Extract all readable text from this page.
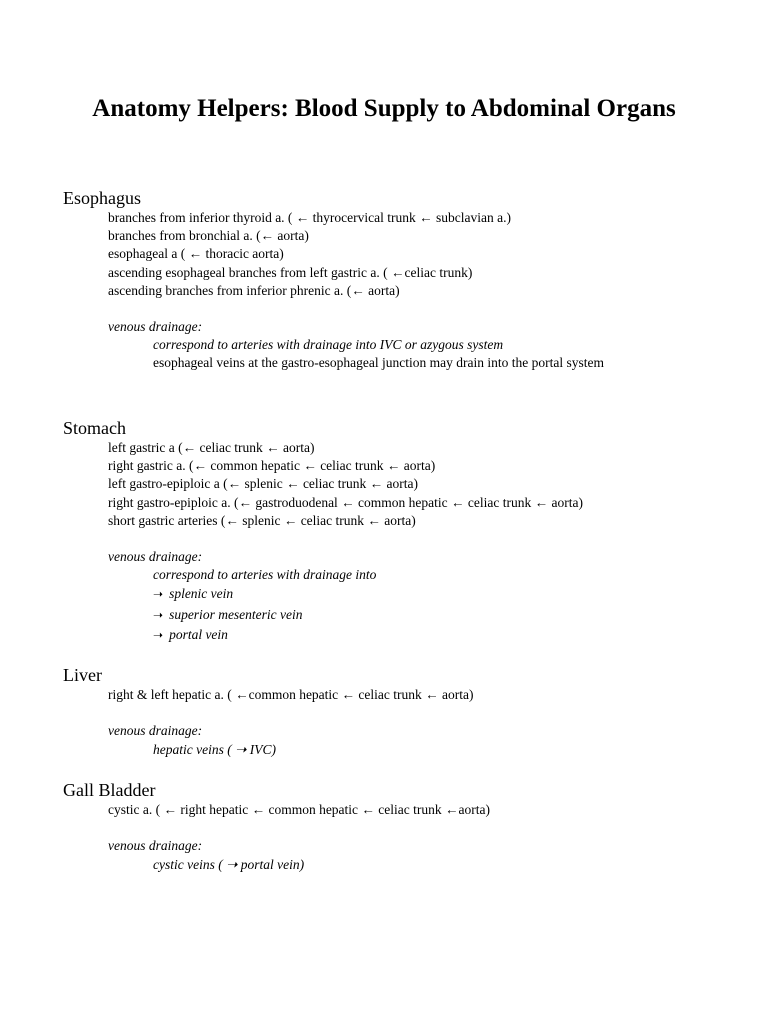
Anatomy Helpers: Blood Supply to Abdominal Organs
Esophagus
branches from inferior thyroid a. ( ← thyrocervical trunk ← subclavian a.)
branches from bronchial a. (← aorta)
esophageal a ( ← thoracic aorta)
ascending esophageal branches from left gastric a. ( ←celiac trunk)
ascending branches from inferior phrenic a. (← aorta)
venous drainage:
correspond to arteries with drainage into IVC or azygous system
esophageal veins at the gastro-esophageal junction may drain into the portal system
Stomach
left gastric a (← celiac trunk ← aorta)
right gastric a. (← common hepatic ← celiac trunk ← aorta)
left gastro-epiploic a (← splenic ← celiac trunk ← aorta)
right gastro-epiploic a. (← gastroduodenal ← common hepatic ← celiac trunk ← aorta)
short gastric arteries (← splenic ← celiac trunk ← aorta)
venous drainage:
correspond to arteries with drainage into
➝ splenic vein
➝ superior mesenteric vein
➝ portal vein
Liver
right & left hepatic a. ( ←common hepatic ← celiac trunk ← aorta)
venous drainage:
hepatic veins ( ➝ IVC)
Gall Bladder
cystic a. ( ← right hepatic ← common hepatic ← celiac trunk ←aorta)
venous drainage:
cystic veins ( ➝ portal vein)
